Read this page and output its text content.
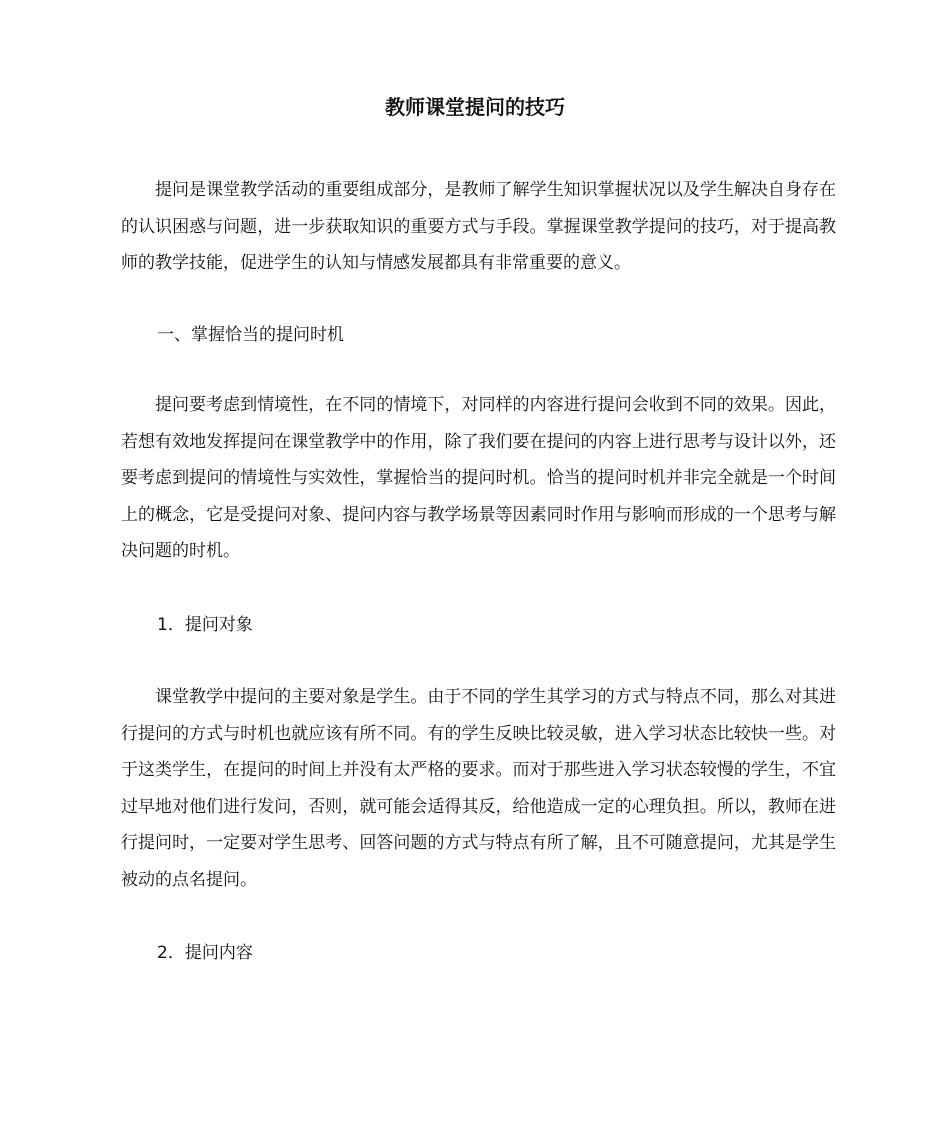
教师课堂提问的技巧

提问是课堂教学活动的重要组成部分，是教师了解学生知识掌握状况以及学生解决自身存在的认识困惑与问题，进一步获取知识的重要方式与手段。掌握课堂教学提问的技巧，对于提高教师的教学技能，促进学生的认知与情感发展都具有非常重要的意义。

一、掌握恰当的提问时机

提问要考虑到情境性，在不同的情境下，对同样的内容进行提问会收到不同的效果。因此，若想有效地发挥提问在课堂教学中的作用，除了我们要在提问的内容上进行思考与设计以外，还要考虑到提问的情境性与实效性，掌握恰当的提问时机。恰当的提问时机并非完全就是一个时间上的概念，它是受提问对象、提问内容与教学场景等因素同时作用与影响而形成的一个思考与解决问题的时机。

1．提问对象

课堂教学中提问的主要对象是学生。由于不同的学生其学习的方式与特点不同，那么对其进行提问的方式与时机也就应该有所不同。有的学生反映比较灵敏，进入学习状态比较快一些。对于这类学生，在提问的时间上并没有太严格的要求。而对于那些进入学习状态较慢的学生，不宜过早地对他们进行发问，否则，就可能会适得其反，给他造成一定的心理负担。所以，教师在进行提问时，一定要对学生思考、回答问题的方式与特点有所了解，且不可随意提问，尤其是学生被动的点名提问。

2．提问内容
